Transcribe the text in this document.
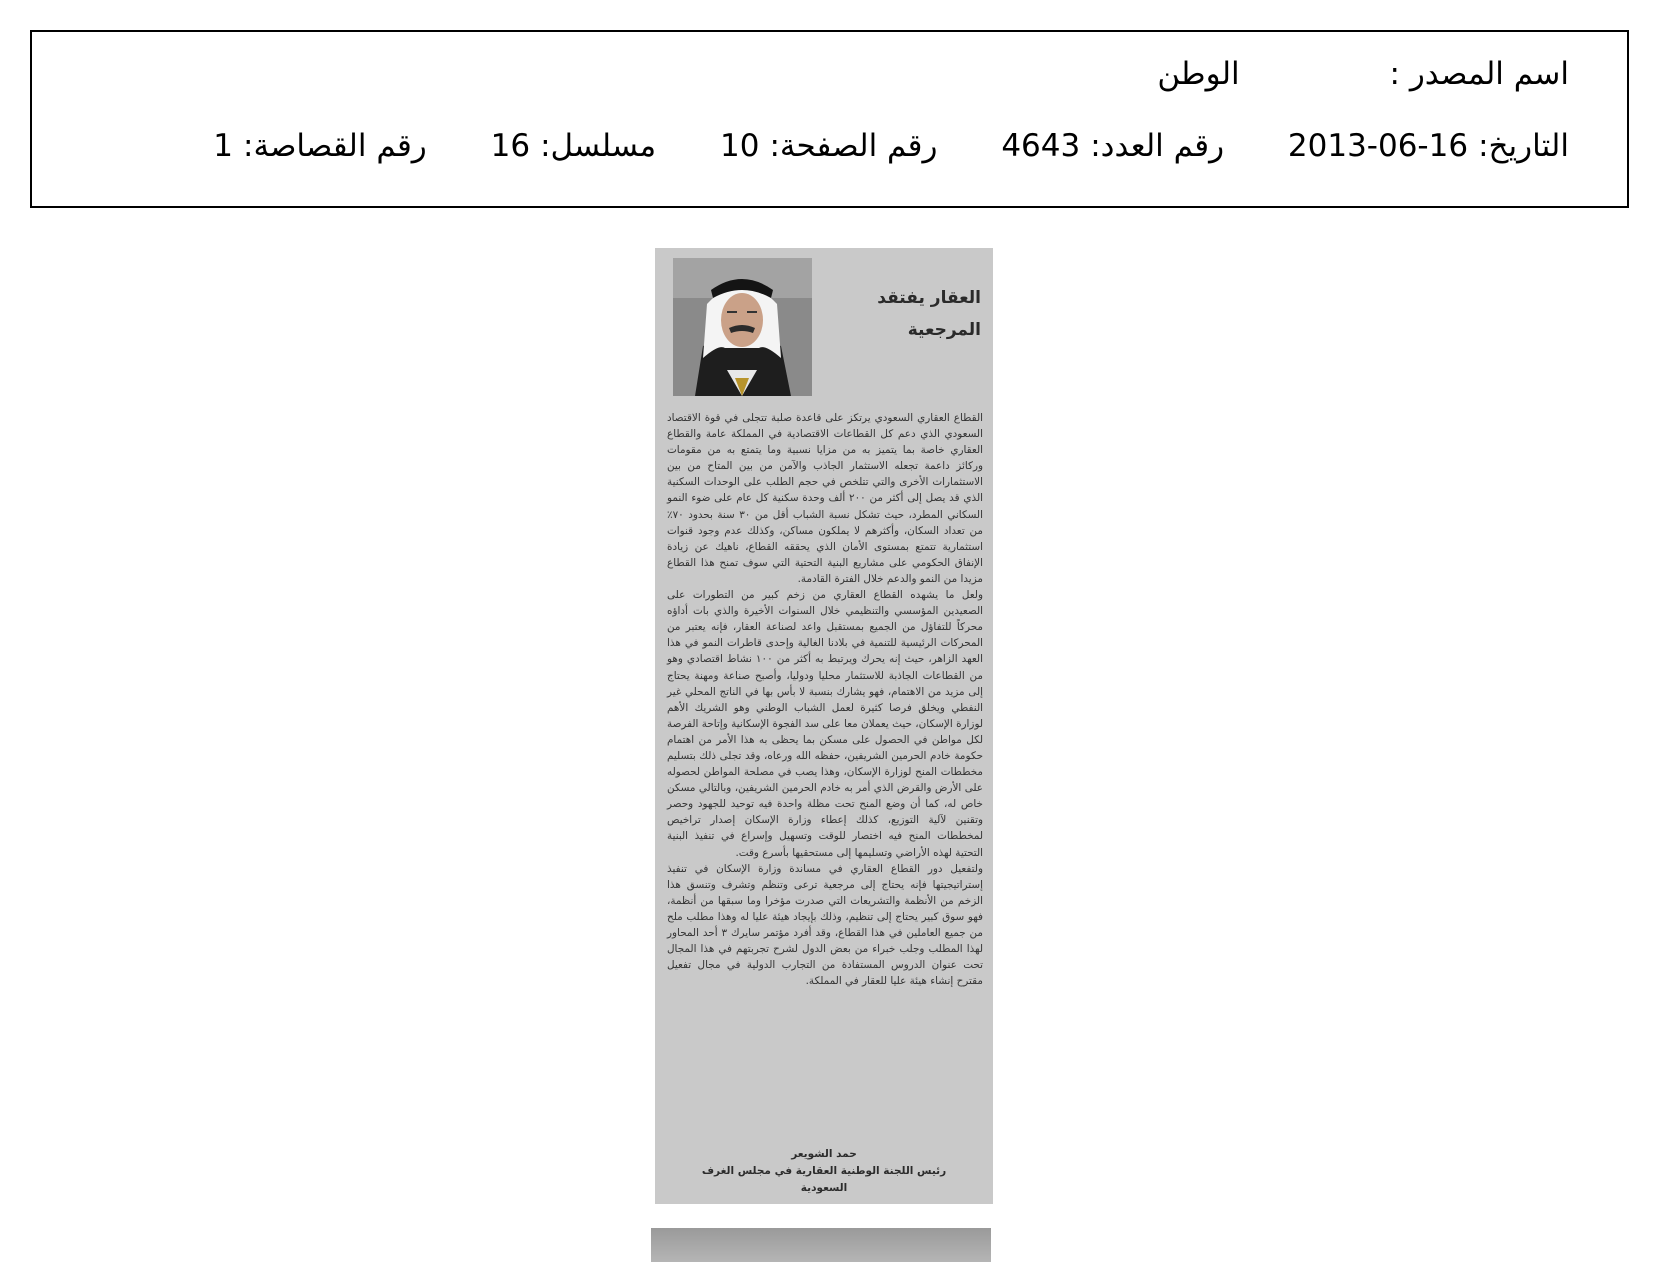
اسم المصدر : الوطن
التاريخ:2013-06-16 رقم العدد:4643 رقم الصفحة:10 مسلسل:16 رقم القصاصة:1
العقار يفتقد
المرجعية

القطاع العقاري السعودي يرتكز على قاعدة صلبة تتجلى في قوة الاقتصاد السعودي الذي دعم كل القطاعات الاقتصادية في المملكة عامة والقطاع العقاري خاصة بما يتميز به من مزايا نسبية وما يتمتع به من مقومات وركائز داعمة تجعله الاستثمار الجاذب والآمن من بين المتاح من بين الاستثمارات الأخرى والتي تتلخص في حجم الطلب على الوحدات السكنية الذي قد يصل إلى أكثر من ٢٠٠ ألف وحدة سكنية كل عام على ضوء النمو السكاني المطرد، حيث تشكل نسبة الشباب أقل من ٣٠ سنة بحدود ٧٠٪ من تعداد السكان، وأكثرهم لا يملكون مساكن، وكذلك عدم وجود قنوات استثمارية تتمتع بمستوى الأمان الذي يحققه القطاع، ناهيك عن زيادة الإنفاق الحكومي على مشاريع البنية التحتية التي سوف تمنح هذا القطاع مزيدا من النمو والدعم خلال الفترة القادمة.

ولعل ما يشهده القطاع العقاري من زخم كبير من التطورات على الصعيدين المؤسسي والتنظيمي خلال السنوات الأخيرة والذي بات أداؤه محركاً للتفاؤل من الجميع بمستقبل واعد لصناعة العقار، فإنه يعتبر من المحركات الرئيسية للتنمية في بلادنا الغالية وإحدى قاطرات النمو في هذا العهد الزاهر، حيث إنه يحرك ويرتبط به أكثر من ١٠٠ نشاط اقتصادي وهو من القطاعات الجاذبة للاستثمار محليا ودوليا، وأصبح صناعة ومهنة يحتاج إلى مزيد من الاهتمام، فهو يشارك بنسبة لا بأس بها في الناتج المحلي غير النفطي ويخلق فرصا كثيرة لعمل الشباب الوطني وهو الشريك الأهم لوزارة الإسكان، حيث يعملان معا على سد الفجوة الإسكانية وإتاحة الفرصة لكل مواطن في الحصول على مسكن بما يحظى به هذا الأمر من اهتمام حكومة خادم الحرمين الشريفين، حفظه الله ورعاه، وقد تجلى ذلك بتسليم مخططات المنح لوزارة الإسكان، وهذا يصب في مصلحة المواطن لحصوله على الأرض والقرض الذي أمر به خادم الحرمين الشريفين، وبالتالي مسكن خاص له، كما أن وضع المنح تحت مظلة واحدة فيه توحيد للجهود وحصر وتقنين لآلية التوزيع، كذلك إعطاء وزارة الإسكان إصدار تراخيص لمخططات المنح فيه اختصار للوقت وتسهيل وإسراع في تنفيذ البنية التحتية لهذه الأراضي وتسليمها إلى مستحقيها بأسرع وقت.

ولتفعيل دور القطاع العقاري في مساندة وزارة الإسكان في تنفيذ إستراتيجيتها فإنه يحتاج إلى مرجعية ترعى وتنظم وتشرف وتنسق هذا الزخم من الأنظمة والتشريعات التي صدرت مؤخرا وما سبقها من أنظمة، فهو سوق كبير يحتاج إلى تنظيم، وذلك بإيجاد هيئة عليا له وهذا مطلب ملح من جميع العاملين في هذا القطاع، وقد أفرد مؤتمر سايرك ٣ أحد المحاور لهذا المطلب وجلب خبراء من بعض الدول لشرح تجربتهم في هذا المجال تحت عنوان الدروس المستفادة من التجارب الدولية في مجال تفعيل مقترح إنشاء هيئة عليا للعقار في المملكة.

حمد الشويعر
رئيس اللجنة الوطنية العقارية في مجلس الغرف السعودية
